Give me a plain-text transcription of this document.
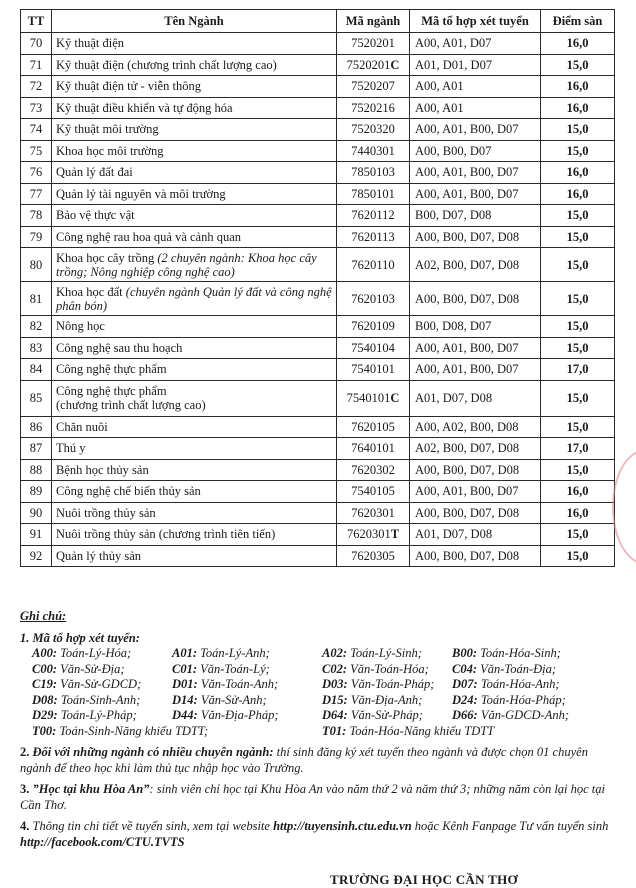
TT	Tên Ngành	Mã ngành	Mã tổ hợp xét tuyển	Điểm sàn
70	Kỹ thuật điện	7520201	A00, A01, D07	16,0
71	Kỹ thuật điện (chương trình chất lượng cao)	7520201C	A01, D01, D07	15,0
72	Kỹ thuật điện tử - viễn thông	7520207	A00, A01	16,0
73	Kỹ thuật điều khiển và tự động hóa	7520216	A00, A01	16,0
74	Kỹ thuật môi trường	7520320	A00, A01, B00, D07	15,0
75	Khoa học môi trường	7440301	A00, B00, D07	15,0
76	Quản lý đất đai	7850103	A00, A01, B00, D07	16,0
77	Quản lý tài nguyên và môi trường	7850101	A00, A01, B00, D07	16,0
78	Bảo vệ thực vật	7620112	B00, D07, D08	15,0
79	Công nghệ rau hoa quả và cảnh quan	7620113	A00, B00, D07, D08	15,0
80	Khoa học cây trồng (2 chuyên ngành: Khoa học cây trồng; Nông nghiệp công nghệ cao)	7620110	A02, B00, D07, D08	15,0
81	Khoa học đất (chuyên ngành Quản lý đất và công nghệ phân bón)	7620103	A00, B00, D07, D08	15,0
82	Nông học	7620109	B00, D08, D07	15,0
83	Công nghệ sau thu hoạch	7540104	A00, A01, B00, D07	15,0
84	Công nghệ thực phẩm	7540101	A00, A01, B00, D07	17,0
85	Công nghệ thực phẩm
(chương trình chất lượng cao)	7540101C	A01, D07, D08	15,0
86	Chăn nuôi	7620105	A00, A02, B00, D08	15,0
87	Thú y	7640101	A02, B00, D07, D08	17,0
88	Bệnh học thủy sản	7620302	A00, B00, D07, D08	15,0
89	Công nghệ chế biến thủy sản	7540105	A00, A01, B00, D07	16,0
90	Nuôi trồng thủy sản	7620301	A00, B00, D07, D08	16,0
91	Nuôi trồng thủy sản (chương trình tiên tiến)	7620301T	A01, D07, D08	15,0
92	Quản lý thủy sản	7620305	A00, B00, D07, D08	15,0
Ghi chú:
1. Mã tổ hợp xét tuyển:
A00: Toán-Lý-Hóa;	A01: Toán-Lý-Anh;	A02: Toán-Lý-Sinh;	B00: Toán-Hóa-Sinh;
C00: Văn-Sử-Địa;	C01: Văn-Toán-Lý;	C02: Văn-Toán-Hóa;	C04: Văn-Toán-Địa;
C19: Văn-Sử-GDCD;	D01: Văn-Toán-Anh;	D03: Văn-Toán-Pháp;	D07: Toán-Hóa-Anh;
D08: Toán-Sinh-Anh;	D14: Văn-Sử-Anh;	D15: Văn-Địa-Anh;	D24: Toán-Hóa-Pháp;
D29: Toán-Lý-Pháp;	D44: Văn-Địa-Pháp;	D64: Văn-Sử-Pháp;	D66: Văn-GDCD-Anh;
T00: Toán-Sinh-Năng khiếu TDTT;	T01: Toán-Hóa-Năng khiếu TDTT
2. Đối với những ngành có nhiều chuyên ngành: thí sinh đăng ký xét tuyển theo ngành và được chọn 01 chuyên ngành để theo học khi làm thủ tục nhập học vào Trường.
3. ”Học tại khu Hòa An”: sinh viên chỉ học tại Khu Hòa An vào năm thứ 2 và năm thứ 3; những năm còn lại học tại Cần Thơ.
4. Thông tin chi tiết về tuyển sinh, xem tại website http://tuyensinh.ctu.edu.vn hoặc Kênh Fanpage Tư vấn tuyển sinh http://facebook.com/CTU.TVTS
TRƯỜNG ĐẠI HỌC CẦN THƠ
